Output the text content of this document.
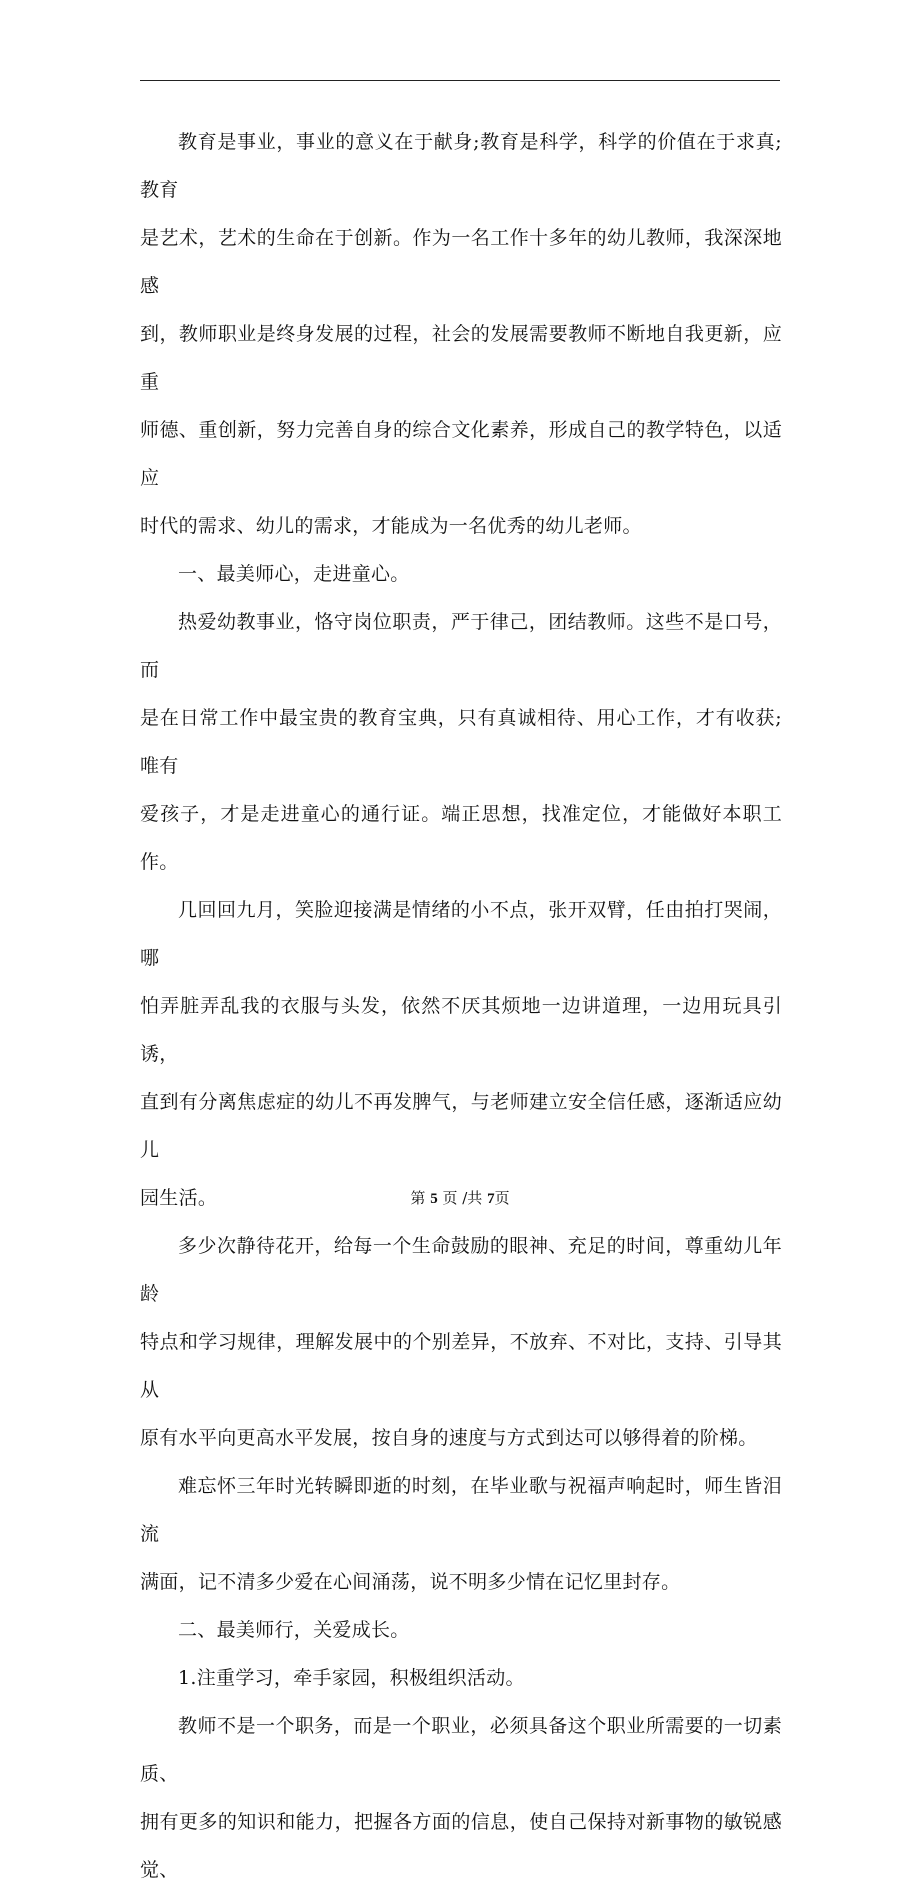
教育是事业，事业的意义在于献身;教育是科学，科学的价值在于求真;教育
是艺术，艺术的生命在于创新。作为一名工作十多年的幼儿教师，我深深地感
到，教师职业是终身发展的过程，社会的发展需要教师不断地自我更新，应重
师德、重创新，努力完善自身的综合文化素养，形成自己的教学特色，以适应
时代的需求、幼儿的需求，才能成为一名优秀的幼儿老师。

一、最美师心，走进童心。

热爱幼教事业，恪守岗位职责，严于律己，团结教师。这些不是口号，而
是在日常工作中最宝贵的教育宝典，只有真诚相待、用心工作，才有收获;唯有
爱孩子，才是走进童心的通行证。端正思想，找准定位，才能做好本职工作。

几回回九月，笑脸迎接满是情绪的小不点，张开双臂，任由拍打哭闹，哪
怕弄脏弄乱我的衣服与头发，依然不厌其烦地一边讲道理，一边用玩具引诱，
直到有分离焦虑症的幼儿不再发脾气，与老师建立安全信任感，逐渐适应幼儿
园生活。

多少次静待花开，给每一个生命鼓励的眼神、充足的时间，尊重幼儿年龄
特点和学习规律，理解发展中的个别差异，不放弃、不对比，支持、引导其从
原有水平向更高水平发展，按自身的速度与方式到达可以够得着的阶梯。

难忘怀三年时光转瞬即逝的时刻，在毕业歌与祝福声响起时，师生皆泪流
满面，记不清多少爱在心间涌荡，说不明多少情在记忆里封存。

二、最美师行，关爱成长。

1.注重学习，牵手家园，积极组织活动。

教师不是一个职务，而是一个职业，必须具备这个职业所需要的一切素质、
拥有更多的知识和能力，把握各方面的信息，使自己保持对新事物的敏锐感觉、

第 5 页 /共 7页
